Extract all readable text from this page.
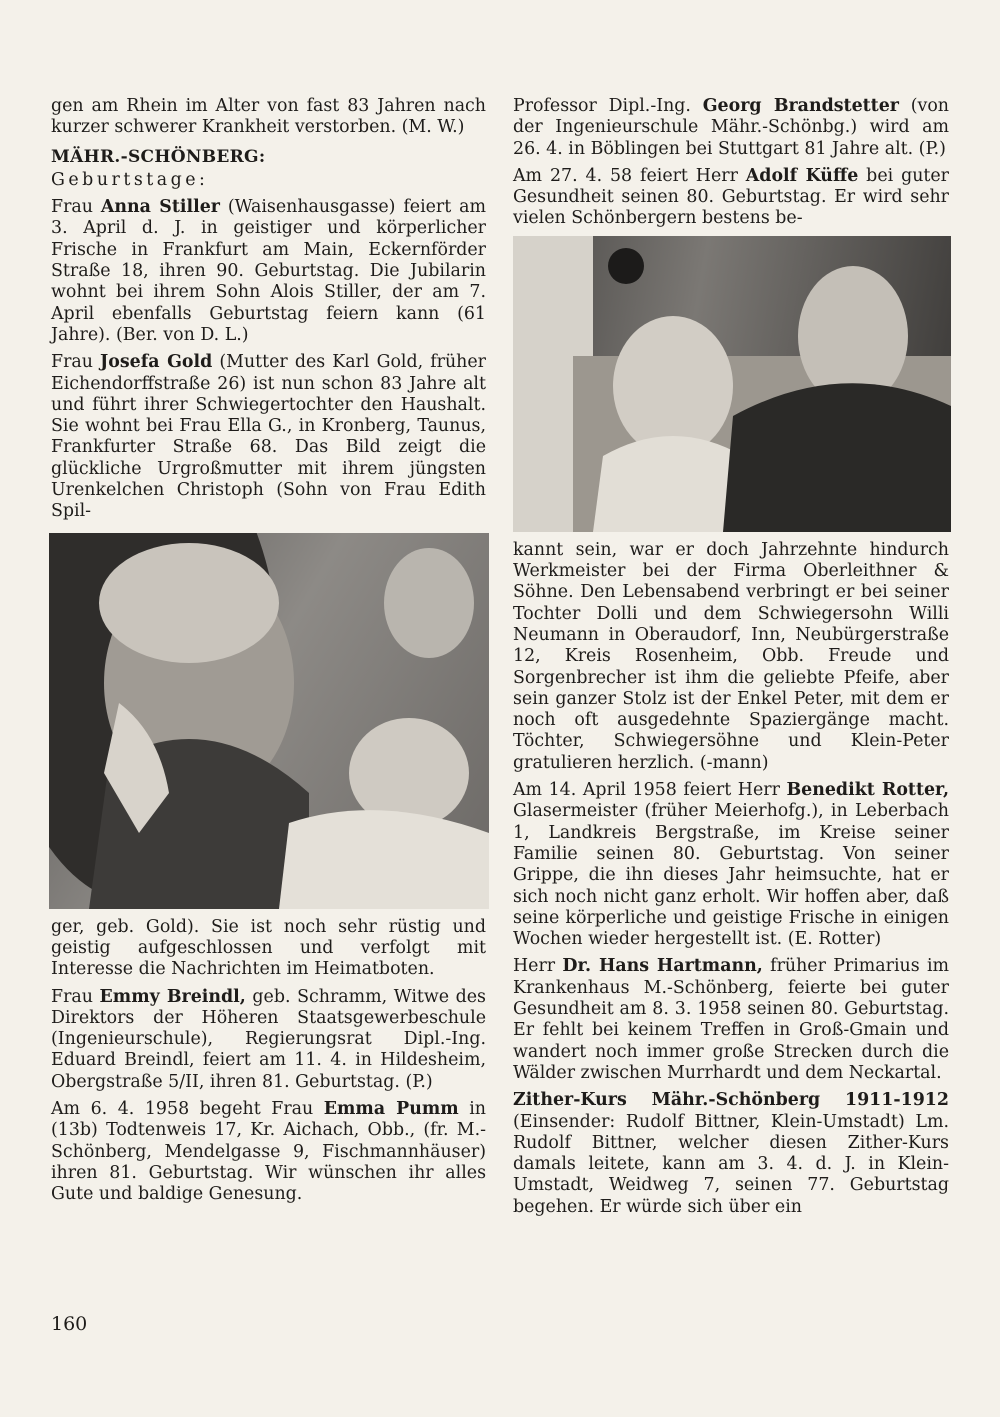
gen am Rhein im Alter von fast 83 Jahren nach kurzer schwerer Krankheit verstorben. (M. W.)

MÄHR.-SCHÖNBERG:

Geburtstage:

Frau Anna Stiller (Waisenhausgasse) feiert am 3. April d. J. in geistiger und körperlicher Frische in Frankfurt am Main, Eckernförder Straße 18, ihren 90. Geburtstag. Die Jubilarin wohnt bei ihrem Sohn Alois Stiller, der am 7. April ebenfalls Geburtstag feiern kann (61 Jahre). (Ber. von D. L.)

Frau Josefa Gold (Mutter des Karl Gold, früher Eichendorffstraße 26) ist nun schon 83 Jahre alt und führt ihrer Schwiegertochter den Haushalt. Sie wohnt bei Frau Ella G., in Kronberg, Taunus, Frankfurter Straße 68. Das Bild zeigt die glückliche Urgroßmutter mit ihrem jüngsten Urenkelchen Christoph (Sohn von Frau Edith Spil-

ger, geb. Gold). Sie ist noch sehr rüstig und geistig aufgeschlossen und verfolgt mit Interesse die Nachrichten im Heimatboten.

Frau Emmy Breindl, geb. Schramm, Witwe des Direktors der Höheren Staatsgewerbeschule (Ingenieurschule), Regierungsrat Dipl.-Ing. Eduard Breindl, feiert am 11. 4. in Hildesheim, Obergstraße 5/II, ihren 81. Geburtstag. (P.)

Am 6. 4. 1958 begeht Frau Emma Pumm in (13b) Todtenweis 17, Kr. Aichach, Obb., (fr. M.-Schönberg, Mendelgasse 9, Fischmannhäuser) ihren 81. Geburtstag. Wir wünschen ihr alles Gute und baldige Genesung.

Professor Dipl.-Ing. Georg Brandstetter (von der Ingenieurschule Mähr.-Schönbg.) wird am 26. 4. in Böblingen bei Stuttgart 81 Jahre alt. (P.)

Am 27. 4. 58 feiert Herr Adolf Küffe bei guter Gesundheit seinen 80. Geburtstag. Er wird sehr vielen Schönbergern bestens be-

kannt sein, war er doch Jahrzehnte hindurch Werkmeister bei der Firma Oberleithner & Söhne. Den Lebensabend verbringt er bei seiner Tochter Dolli und dem Schwiegersohn Willi Neumann in Oberaudorf, Inn, Neubürgerstraße 12, Kreis Rosenheim, Obb. Freude und Sorgenbrecher ist ihm die geliebte Pfeife, aber sein ganzer Stolz ist der Enkel Peter, mit dem er noch oft ausgedehnte Spaziergänge macht. Töchter, Schwiegersöhne und Klein-Peter gratulieren herzlich. (-mann)

Am 14. April 1958 feiert Herr Benedikt Rotter, Glasermeister (früher Meierhofg.), in Leberbach 1, Landkreis Bergstraße, im Kreise seiner Familie seinen 80. Geburtstag. Von seiner Grippe, die ihn dieses Jahr heimsuchte, hat er sich noch nicht ganz erholt. Wir hoffen aber, daß seine körperliche und geistige Frische in einigen Wochen wieder hergestellt ist. (E. Rotter)

Herr Dr. Hans Hartmann, früher Primarius im Krankenhaus M.-Schönberg, feierte bei guter Gesundheit am 8. 3. 1958 seinen 80. Geburtstag. Er fehlt bei keinem Treffen in Groß-Gmain und wandert noch immer große Strecken durch die Wälder zwischen Murrhardt und dem Neckartal.

Zither-Kurs Mähr.-Schönberg 1911-1912 (Einsender: Rudolf Bittner, Klein-Umstadt) Lm. Rudolf Bittner, welcher diesen Zither-Kurs damals leitete, kann am 3. 4. d. J. in Klein-Umstadt, Weidweg 7, seinen 77. Geburtstag begehen. Er würde sich über ein

160
